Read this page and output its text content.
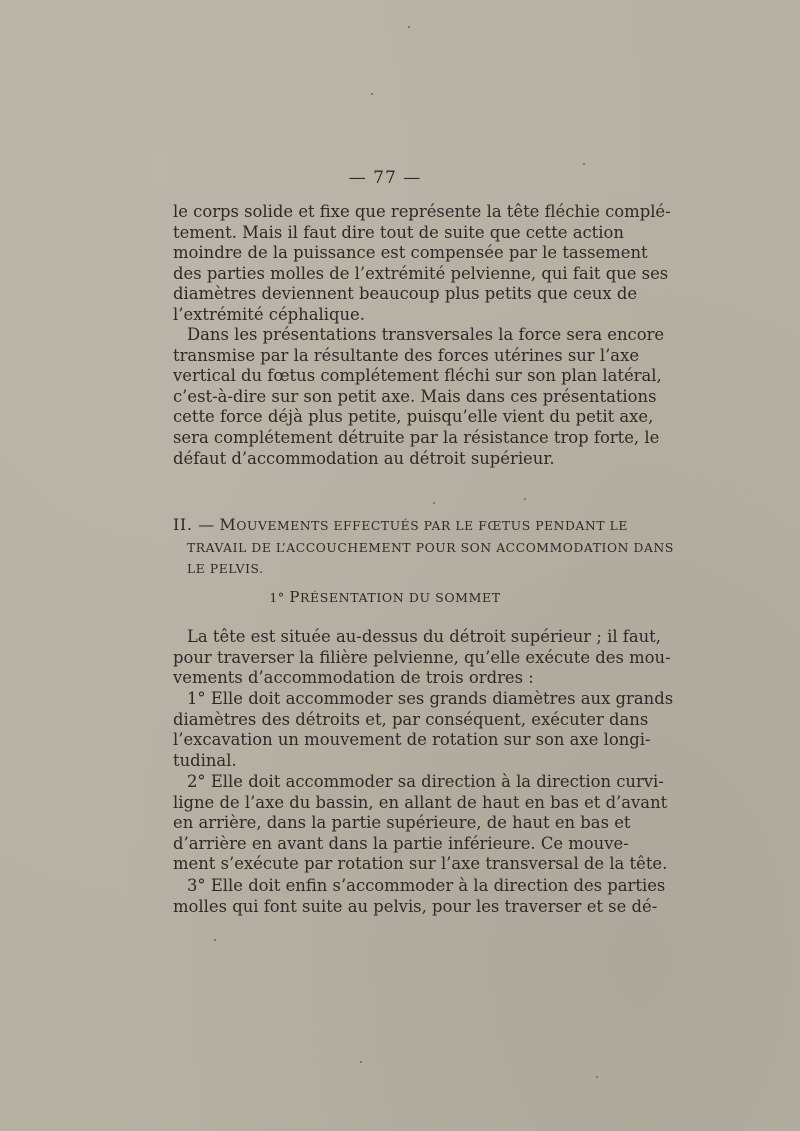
— 77 —
le corps solide et fixe que représente la tête fléchie complé-
tement. Mais il faut dire tout de suite que cette action
moindre de la puissance est compensée par le tassement
des parties molles de l’extrémité pelvienne, qui fait que ses
diamètres deviennent beaucoup plus petits que ceux de
l’extrémité céphalique.
Dans les présentations transversales la force sera encore
transmise par la résultante des forces utérines sur l’axe
vertical du fœtus complétement fléchi sur son plan latéral,
c’est-à-dire sur son petit axe. Mais dans ces présentations
cette force déjà plus petite, puisqu’elle vient du petit axe,
sera complétement détruite par la résistance trop forte, le
défaut d’accommodation au détroit supérieur.
II. — MOUVEMENTS EFFECTUÉS PAR LE FŒTUS PENDANT LE
TRAVAIL DE L’ACCOUCHEMENT POUR SON ACCOMMODATION DANS
LE PELVIS.
1° PRÉSENTATION DU SOMMET
La tête est située au-dessus du détroit supérieur ; il faut,
pour traverser la filière pelvienne, qu’elle exécute des mou-
vements d’accommodation de trois ordres :
1° Elle doit accommoder ses grands diamètres aux grands
diamètres des détroits et, par conséquent, exécuter dans
l’excavation un mouvement de rotation sur son axe longi-
tudinal.
2° Elle doit accommoder sa direction à la direction curvi-
ligne de l’axe du bassin, en allant de haut en bas et d’avant
en arrière, dans la partie supérieure, de haut en bas et
d’arrière en avant dans la partie inférieure. Ce mouve-
ment s’exécute par rotation sur l’axe transversal de la tête.
3° Elle doit enfin s’accommoder à la direction des parties
molles qui font suite au pelvis, pour les traverser et se dé-
